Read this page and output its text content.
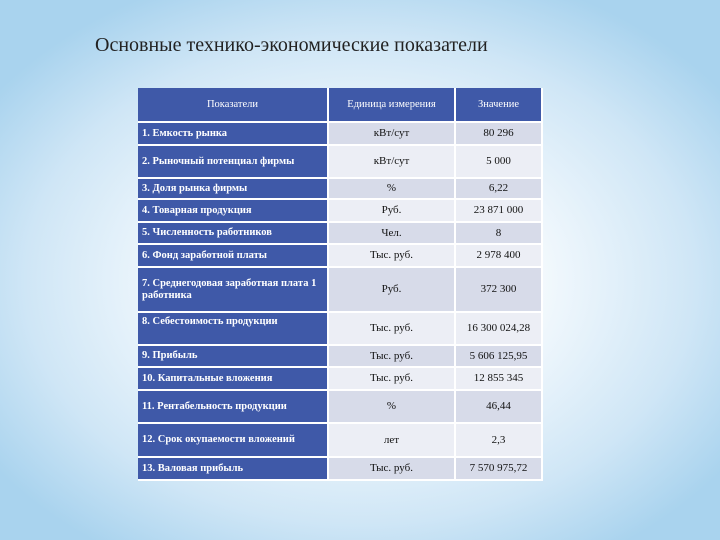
Основные технико-экономические показатели
Показатели	Единица измерения	Значение
1. Емкость рынка	кВт/сут	80 296
2. Рыночный потенциал фирмы	кВт/сут	5 000
3. Доля рынка фирмы	%	6,22
4. Товарная продукция	Руб.	23 871 000
5. Численность работников	Чел.	8
6. Фонд заработной платы	Тыс. руб.	2 978 400
7. Среднегодовая заработная плата 1 работника	Руб.	372 300
8. Себестоимость продукции	Тыс. руб.	16 300 024,28
9. Прибыль	Тыс. руб.	5 606 125,95
10. Капитальные вложения	Тыс. руб.	12 855 345
11. Рентабельность продукции	%	46,44
12. Срок окупаемости вложений	лет	2,3
13. Валовая прибыль	Тыс. руб.	7 570 975,72
